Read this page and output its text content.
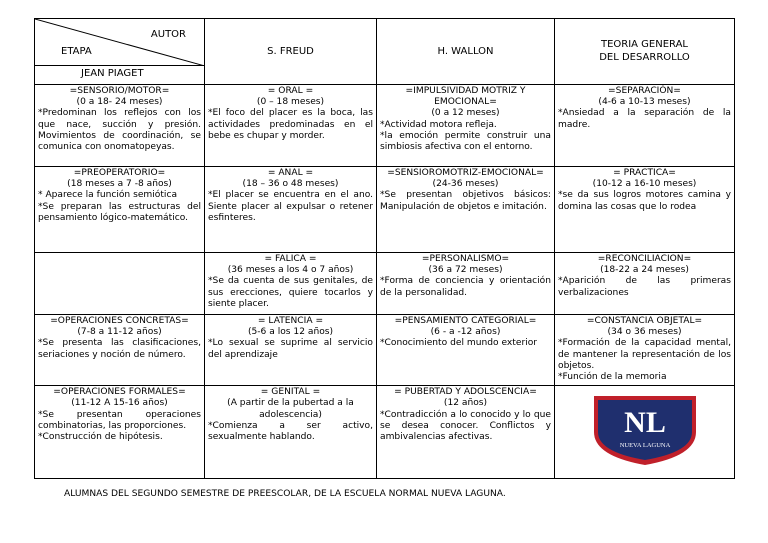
AUTOR
ETAPA
JEAN PIAGET	S. FREUD	H. WALLON	TEORIA GENERAL
DEL DESARROLLO

=SENSORIO/MOTOR=
(0 a 18- 24 meses)
*Predominan los reflejos con los que nace, succión y presión. Movimientos de coordinación, se comunica con onomatopeyas.	= ORAL =
(0 – 18 meses)
*El foco del placer es la boca, las actividades predominadas en el bebe es chupar y morder.	=IMPULSIVIDAD MOTRIZ Y EMOCIONAL=
(0 a 12 meses)
*Actividad motora refleja.
*la emoción permite construir una simbiosis afectiva con el entorno.	=SEPARACIÓN=
(4-6 a 10-13 meses)
*Ansiedad a la separación de la madre.

=PREOPERATORIO=
(18 meses a 7 -8 años)
* Aparece la función semiótica
*Se preparan las estructuras del pensamiento lógico-matemático.	= ANAL =
(18 – 36 o 48 meses)
*El placer se encuentra en el ano. Siente placer al expulsar o retener esfinteres.	=SENSIOROMOTRIZ-EMOCIONAL=
(24-36 meses)
*Se presentan objetivos básicos: Manipulación de objetos e imitación.	= PRACTICA=
(10-12 a 16-10 meses)
*se da sus logros motores camina y domina las cosas que lo rodea

	= FALICA =
(36 meses a los 4 o 7 años)
*Se da cuenta de sus genitales, de sus erecciones, quiere tocarlos y siente placer.	=PERSONALISMO=
(36 a 72 meses)
*Forma de conciencia y orientación de la personalidad.	=RECONCILIACION=
(18-22 a 24 meses)
*Aparición de las primeras verbalizaciones

=OPERACIONES CONCRETAS=
(7-8 a 11-12 años)
*Se presenta las clasificaciones, seriaciones y noción de número.	= LATENCIA =
(5-6 a los 12 años)
*Lo sexual se suprime al servicio del aprendizaje	=PENSAMIENTO CATEGORIAL=
(6 - a -12 años)
*Conocimiento del mundo exterior	=CONSTANCIA OBJETAL=
(34 o 36 meses)
*Formación de la capacidad mental, de mantener la representación de los objetos.
*Función de la memoria

=OPERACIONES FORMALES=
(11-12 A 15-16 años)
*Se presentan operaciones combinatorias, las proporciones.
*Construcción de hipótesis.	= GENITAL =
(A partir de la pubertad a la adolescencia)
*Comienza a ser activo, sexualmente hablando.	= PUBERTAD Y ADOLSCENCIA=
(12 años)
*Contradicción a lo conocido y lo que se desea conocer. Conflictos y ambivalencias afectivas.	NL
NUEVA LAGUNA
ALUMNAS DEL SEGUNDO SEMESTRE DE PREESCOLAR, DE LA ESCUELA NORMAL NUEVA LAGUNA.
